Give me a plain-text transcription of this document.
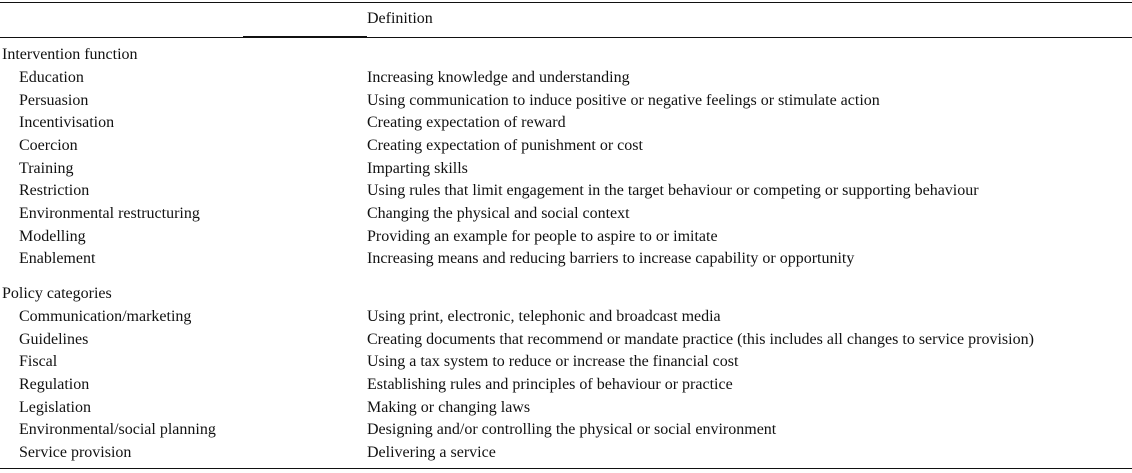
Definition
Intervention function
Education	Increasing knowledge and understanding
Persuasion	Using communication to induce positive or negative feelings or stimulate action
Incentivisation	Creating expectation of reward
Coercion	Creating expectation of punishment or cost
Training	Imparting skills
Restriction	Using rules that limit engagement in the target behaviour or competing or supporting behaviour
Environmental restructuring	Changing the physical and social context
Modelling	Providing an example for people to aspire to or imitate
Enablement	Increasing means and reducing barriers to increase capability or opportunity
Policy categories
Communication/marketing	Using print, electronic, telephonic and broadcast media
Guidelines	Creating documents that recommend or mandate practice (this includes all changes to service provision)
Fiscal	Using a tax system to reduce or increase the financial cost
Regulation	Establishing rules and principles of behaviour or practice
Legislation	Making or changing laws
Environmental/social planning	Designing and/or controlling the physical or social environment
Service provision	Delivering a service
